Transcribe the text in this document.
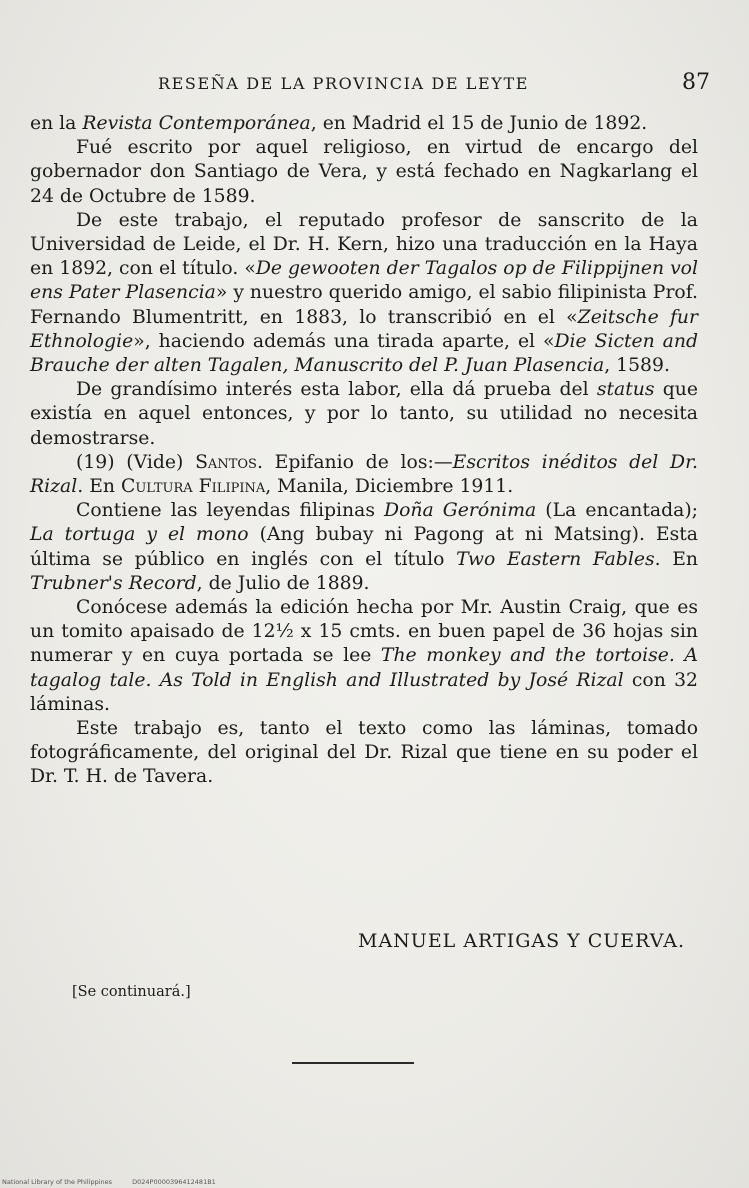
RESEÑA DE LA PROVINCIA DE LEYTE	87

en la Revista Contemporánea, en Madrid el 15 de Junio de 1892.

Fué escrito por aquel religioso, en virtud de encargo del gobernador don Santiago de Vera, y está fechado en Nagkarlang el 24 de Octubre de 1589.

De este trabajo, el reputado profesor de sanscrito de la Universidad de Leide, el Dr. H. Kern, hizo una traducción en la Haya en 1892, con el título. «De gewooten der Tagalos op de Filippijnen vol ens Pater Plasencia» y nuestro querido amigo, el sabio filipinista Prof. Fernando Blumentritt, en 1883, lo transcribió en el «Zeitsche fur Ethnologie», haciendo además una tirada aparte, el «Die Sicten and Brauche der alten Tagalen, Manuscrito del P. Juan Plasencia, 1589.

De grandísimo interés esta labor, ella dá prueba del status que existía en aquel entonces, y por lo tanto, su utilidad no necesita demostrarse.

(19) (Vide) Santos. Epifanio de los:—Escritos inéditos del Dr. Rizal. En Cultura Filipina, Manila, Diciembre 1911.

Contiene las leyendas filipinas Doña Gerónima (La encantada); La tortuga y el mono (Ang bubay ni Pagong at ni Matsing). Esta última se público en inglés con el título Two Eastern Fables. En Trubner's Record, de Julio de 1889.

Conócese además la edición hecha por Mr. Austin Craig, que es un tomito apaisado de 12½ x 15 cmts. en buen papel de 36 hojas sin numerar y en cuya portada se lee The monkey and the tortoise. A tagalog tale. As Told in English and Illustrated by José Rizal con 32 láminas.

Este trabajo es, tanto el texto como las láminas, tomado fotográficamente, del original del Dr. Rizal que tiene en su poder el Dr. T. H. de Tavera.

MANUEL ARTIGAS Y CUERVA.
[Se continuará.]
National Library of the Philippines	D024P0000396412481B1
